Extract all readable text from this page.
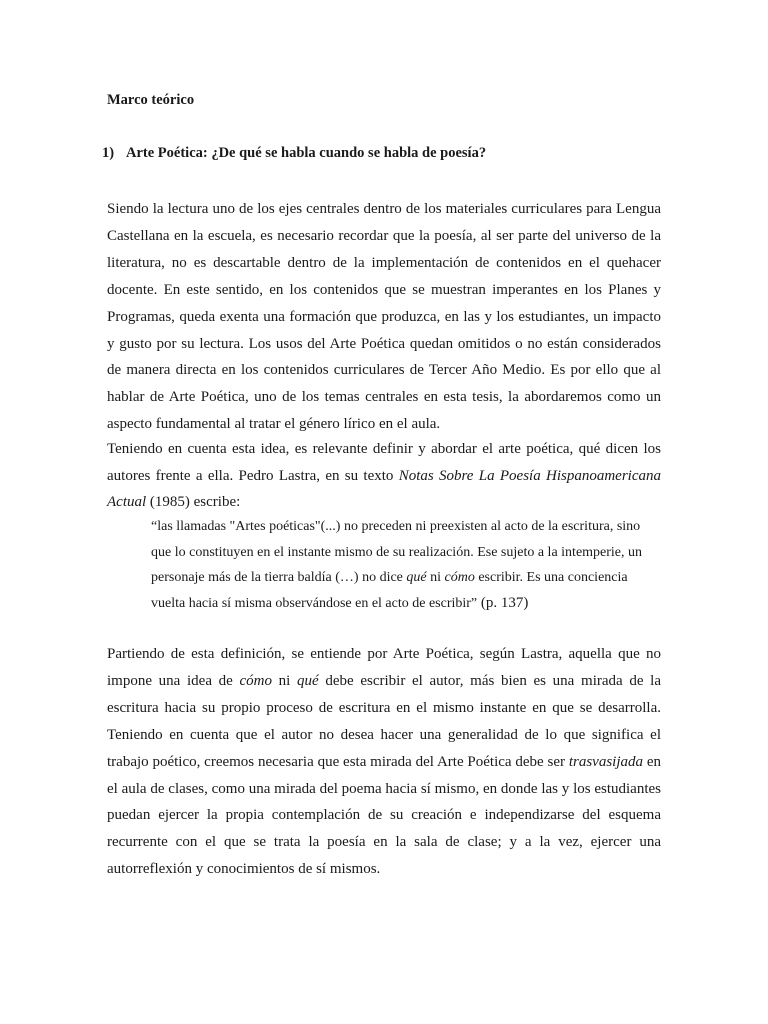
Marco teórico
1) Arte Poética: ¿De qué se habla cuando se habla de poesía?

Siendo la lectura uno de los ejes centrales dentro de los materiales curriculares para Lengua Castellana en la escuela, es necesario recordar que la poesía, al ser parte del universo de la literatura, no es descartable dentro de la implementación de contenidos en el quehacer docente. En este sentido, en los contenidos que se muestran imperantes en los Planes y Programas, queda exenta una formación que produzca, en las y los estudiantes, un impacto y gusto por su lectura. Los usos del Arte Poética quedan omitidos o no están considerados de manera directa en los contenidos curriculares de Tercer Año Medio. Es por ello que al hablar de Arte Poética, uno de los temas centrales en esta tesis, la abordaremos como un aspecto fundamental al tratar el género lírico en el aula.

Teniendo en cuenta esta idea, es relevante definir y abordar el arte poética, qué dicen los autores frente a ella. Pedro Lastra, en su texto Notas Sobre La Poesía Hispanoamericana Actual (1985) escribe:

“las llamadas "Artes poéticas"(...) no preceden ni preexisten al acto de la escritura, sino que lo constituyen en el instante mismo de su realización. Ese sujeto a la intemperie, un personaje más de la tierra baldía (…) no dice qué ni cómo escribir. Es una conciencia vuelta hacia sí misma observándose en el acto de escribir” (p. 137)

Partiendo de esta definición, se entiende por Arte Poética, según Lastra, aquella que no impone una idea de cómo ni qué debe escribir el autor, más bien es una mirada de la escritura hacia su propio proceso de escritura en el mismo instante en que se desarrolla. Teniendo en cuenta que el autor no desea hacer una generalidad de lo que significa el trabajo poético, creemos necesaria que esta mirada del Arte Poética debe ser trasvasijada en el aula de clases, como una mirada del poema hacia sí mismo, en donde las y los estudiantes puedan ejercer la propia contemplación de su creación e independizarse del esquema recurrente con el que se trata la poesía en la sala de clase; y a la vez, ejercer una autorreflexión y conocimientos de sí mismos.
